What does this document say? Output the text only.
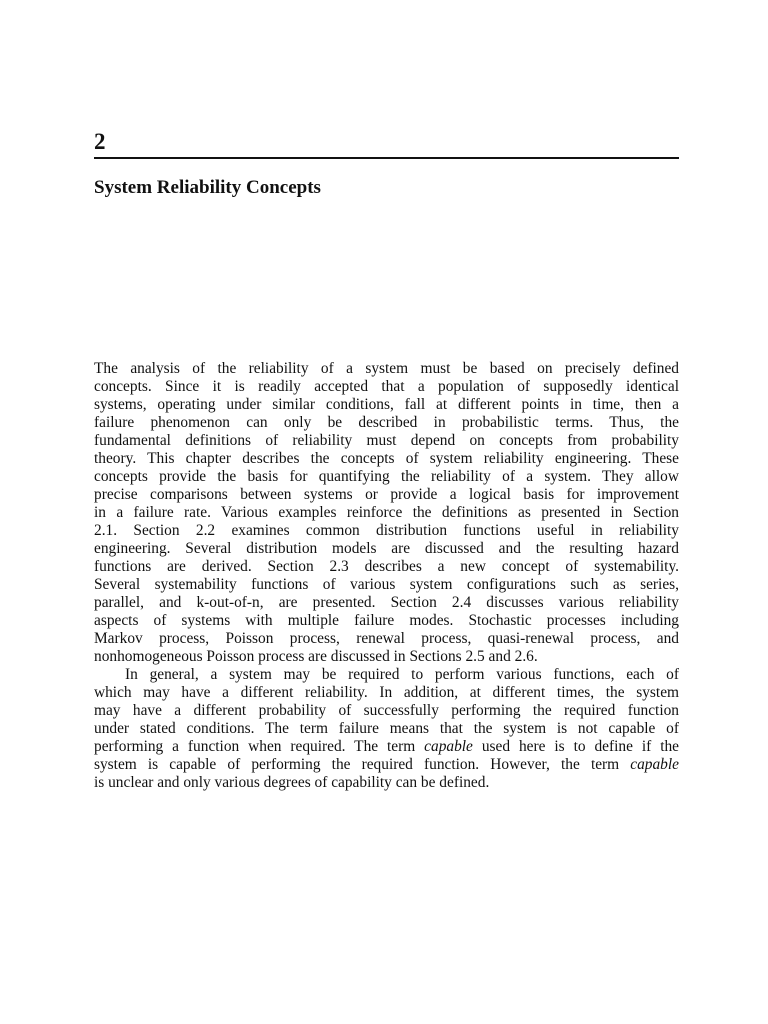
2
System Reliability Concepts
The analysis of the reliability of a system must be based on precisely defined
concepts. Since it is readily accepted that a population of supposedly identical
systems, operating under similar conditions, fall at different points in time, then a
failure phenomenon can only be described in probabilistic terms. Thus, the
fundamental definitions of reliability must depend on concepts from probability
theory. This chapter describes the concepts of system reliability engineering. These
concepts provide the basis for quantifying the reliability of a system. They allow
precise comparisons between systems or provide a logical basis for improvement
in a failure rate. Various examples reinforce the definitions as presented in Section
2.1. Section 2.2 examines common distribution functions useful in reliability
engineering. Several distribution models are discussed and the resulting hazard
functions are derived. Section 2.3 describes a new concept of systemability.
Several systemability functions of various system configurations such as series,
parallel, and k-out-of-n, are presented. Section 2.4 discusses various reliability
aspects of systems with multiple failure modes. Stochastic processes including
Markov process, Poisson process, renewal process, quasi-renewal process, and
nonhomogeneous Poisson process are discussed in Sections 2.5 and 2.6.
In general, a system may be required to perform various functions, each of
which may have a different reliability. In addition, at different times, the system
may have a different probability of successfully performing the required function
under stated conditions. The term failure means that the system is not capable of
performing a function when required. The term capable used here is to define if the
system is capable of performing the required function. However, the term capable
is unclear and only various degrees of capability can be defined.
